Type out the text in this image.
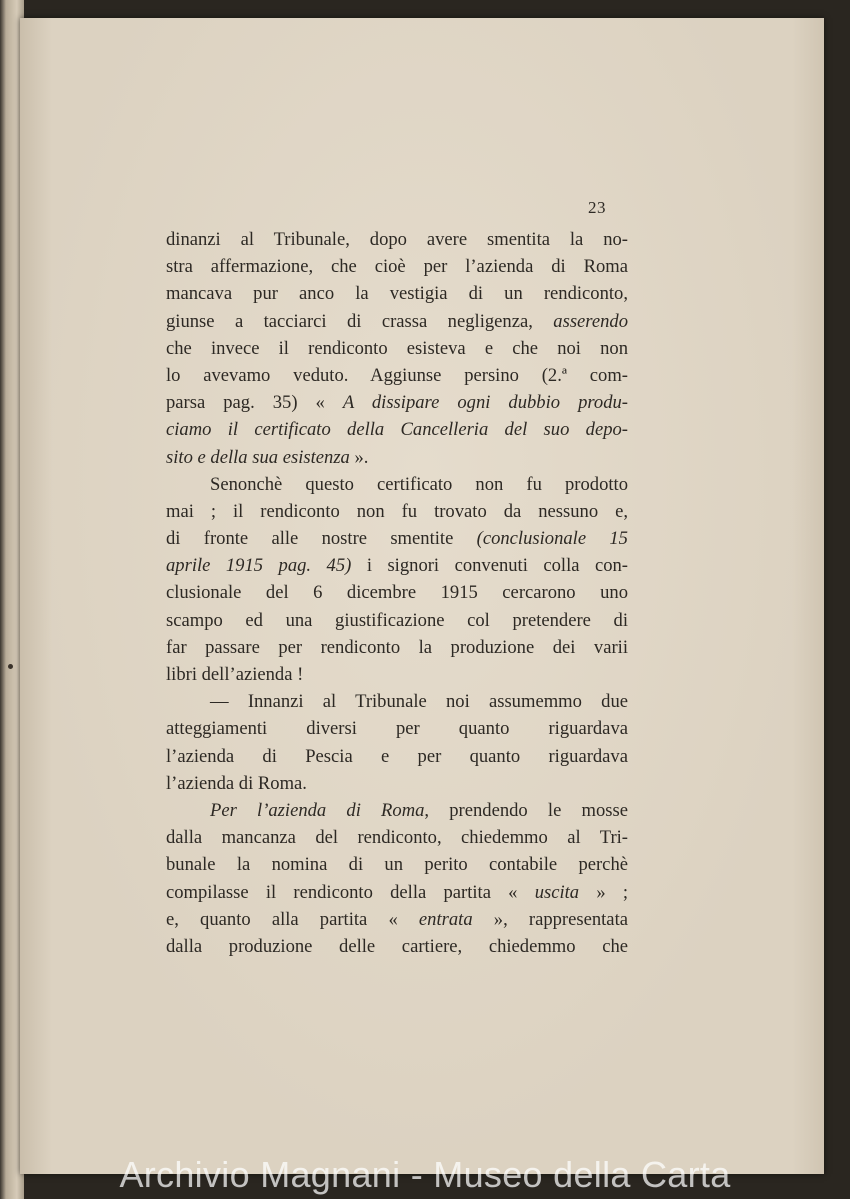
23
dinanzi al Tribunale, dopo avere smentita la no-
stra affermazione, che cioè per l’azienda di Roma
mancava pur anco la vestigia di un rendiconto,
giunse a tacciarci di crassa negligenza, asserendo
che invece il rendiconto esisteva e che noi non
lo avevamo veduto. Aggiunse persino (2.ª com-
parsa pag. 35) « A dissipare ogni dubbio produ-
ciamo il certificato della Cancelleria del suo depo-
sito e della sua esistenza ».
Senonchè questo certificato non fu prodotto
mai ; il rendiconto non fu trovato da nessuno e,
di fronte alle nostre smentite (conclusionale 15
aprile 1915 pag. 45) i signori convenuti colla con-
clusionale del 6 dicembre 1915 cercarono uno
scampo ed una giustificazione col pretendere di
far passare per rendiconto la produzione dei varii
libri dell’azienda !
— Innanzi al Tribunale noi assumemmo due
atteggiamenti diversi per quanto riguardava
l’azienda di Pescia e per quanto riguardava
l’azienda di Roma.
Per l’azienda di Roma, prendendo le mosse
dalla mancanza del rendiconto, chiedemmo al Tri-
bunale la nomina di un perito contabile perchè
compilasse il rendiconto della partita « uscita » ;
e, quanto alla partita « entrata », rappresentata
dalla produzione delle cartiere, chiedemmo che
Archivio Magnani - Museo della Carta
